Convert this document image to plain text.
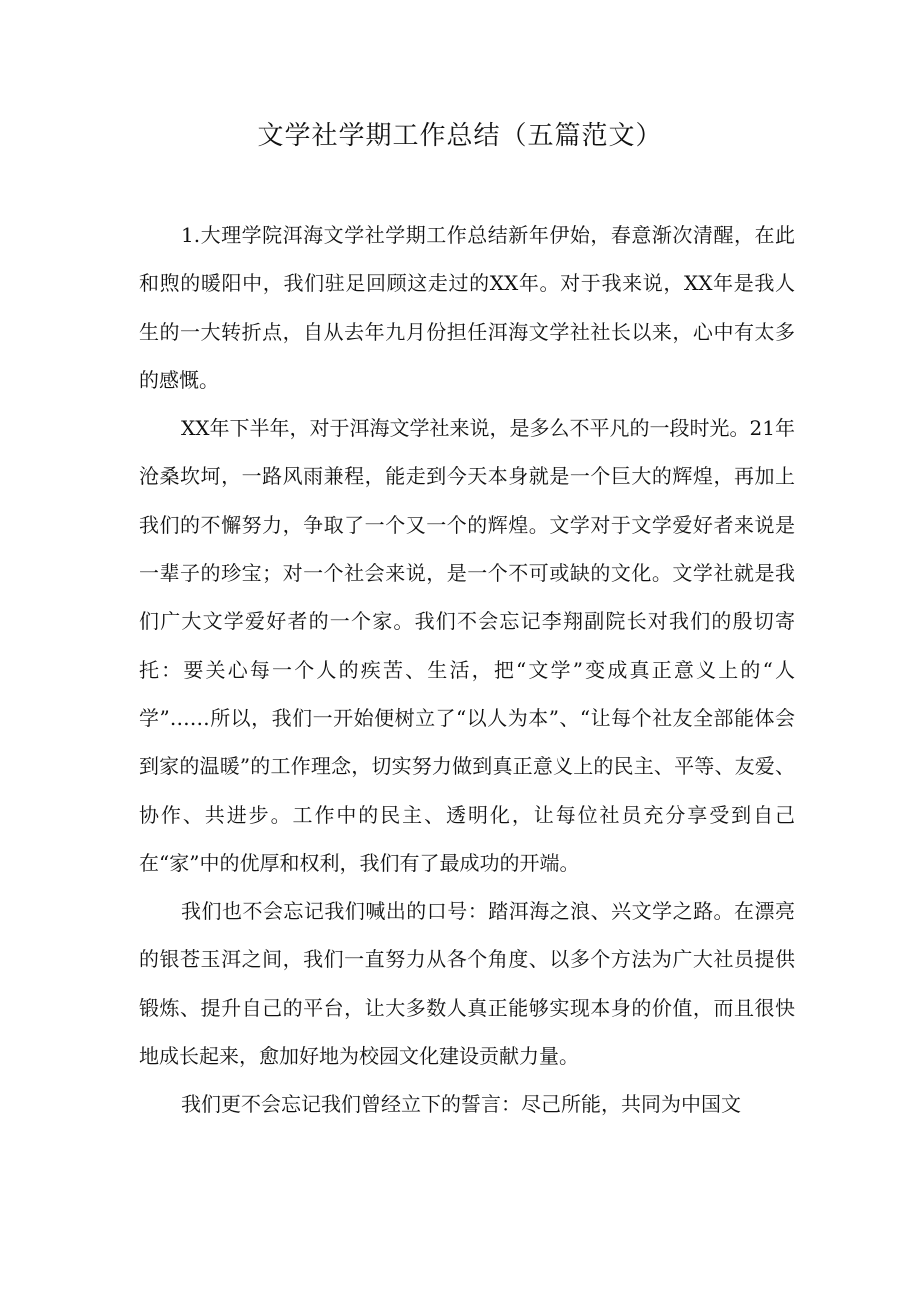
文学社学期工作总结（五篇范文）

1.大理学院洱海文学社学期工作总结新年伊始，春意渐次清醒，在此和煦的暖阳中，我们驻足回顾这走过的XX年。对于我来说，XX年是我人生的一大转折点，自从去年九月份担任洱海文学社社长以来，心中有太多的感慨。

XX年下半年，对于洱海文学社来说，是多么不平凡的一段时光。21年沧桑坎坷，一路风雨兼程，能走到今天本身就是一个巨大的辉煌，再加上我们的不懈努力，争取了一个又一个的辉煌。文学对于文学爱好者来说是一辈子的珍宝；对一个社会来说，是一个不可或缺的文化。文学社就是我们广大文学爱好者的一个家。我们不会忘记李翔副院长对我们的殷切寄托：要关心每一个人的疾苦、生活，把“文学”变成真正意义上的“人学”……所以，我们一开始便树立了“以人为本”、“让每个社友全部能体会到家的温暖”的工作理念，切实努力做到真正意义上的民主、平等、友爱、协作、共进步。工作中的民主、透明化，让每位社员充分享受到自己在“家”中的优厚和权利，我们有了最成功的开端。

我们也不会忘记我们喊出的口号：踏洱海之浪、兴文学之路。在漂亮的银苍玉洱之间，我们一直努力从各个角度、以多个方法为广大社员提供锻炼、提升自己的平台，让大多数人真正能够实现本身的价值，而且很快地成长起来，愈加好地为校园文化建设贡献力量。

我们更不会忘记我们曾经立下的誓言：尽己所能，共同为中国文
